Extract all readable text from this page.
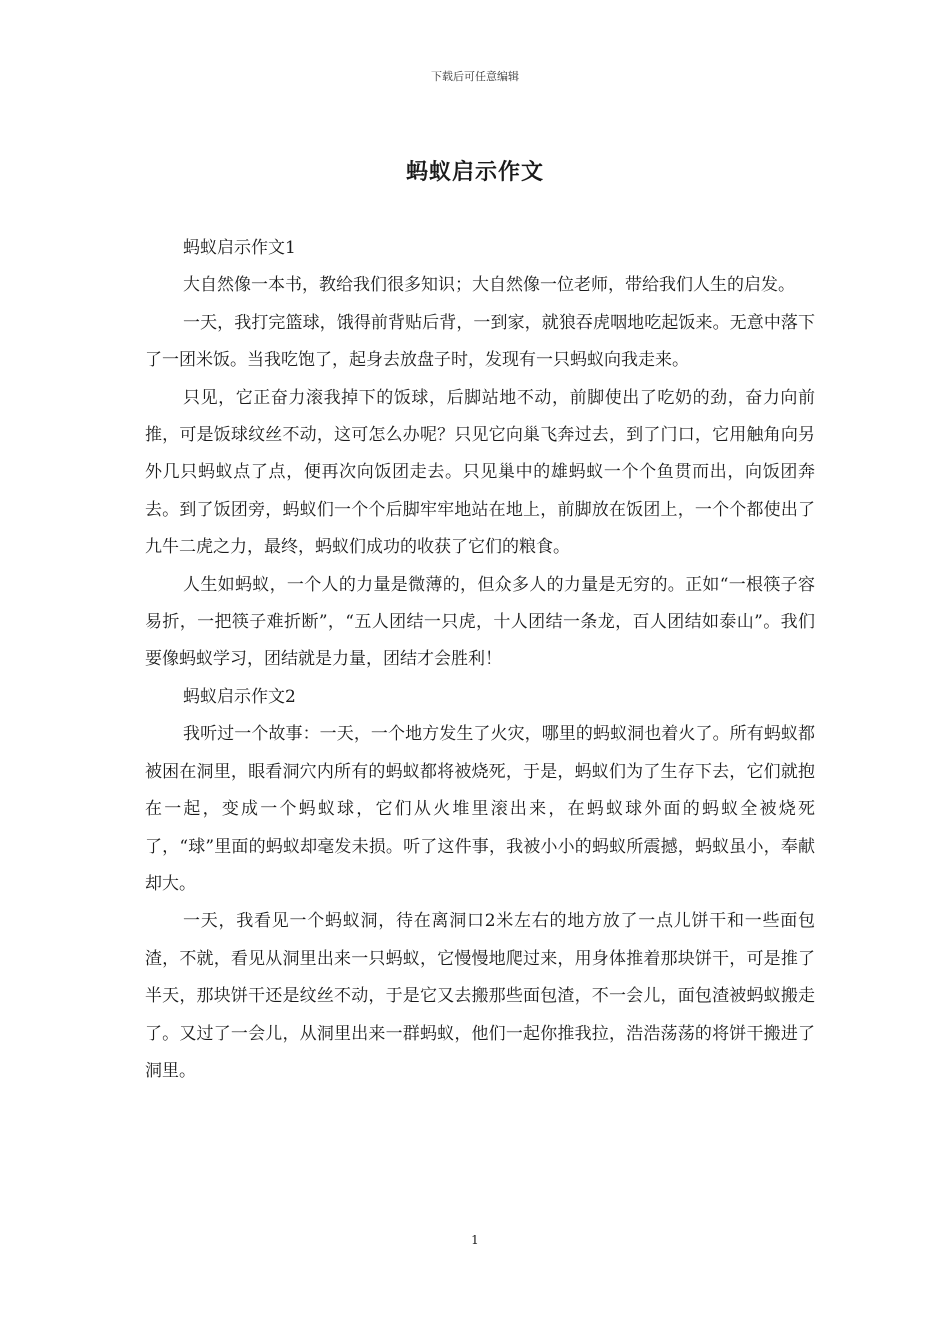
下载后可任意编辑
蚂蚁启示作文

蚂蚁启示作文1

大自然像一本书，教给我们很多知识；大自然像一位老师，带给我们人生的启发。

一天，我打完篮球，饿得前背贴后背，一到家，就狼吞虎咽地吃起饭来。无意中落下了一团米饭。当我吃饱了，起身去放盘子时，发现有一只蚂蚁向我走来。

只见，它正奋力滚我掉下的饭球，后脚站地不动，前脚使出了吃奶的劲，奋力向前推，可是饭球纹丝不动，这可怎么办呢？只见它向巢飞奔过去，到了门口，它用触角向另外几只蚂蚁点了点，便再次向饭团走去。只见巢中的雄蚂蚁一个个鱼贯而出，向饭团奔去。到了饭团旁，蚂蚁们一个个后脚牢牢地站在地上，前脚放在饭团上，一个个都使出了九牛二虎之力，最终，蚂蚁们成功的收获了它们的粮食。

人生如蚂蚁，一个人的力量是微薄的，但众多人的力量是无穷的。正如“一根筷子容易折，一把筷子难折断”，“五人团结一只虎，十人团结一条龙，百人团结如泰山”。我们要像蚂蚁学习，团结就是力量，团结才会胜利！

蚂蚁启示作文2

我听过一个故事：一天，一个地方发生了火灾，哪里的蚂蚁洞也着火了。所有蚂蚁都被困在洞里，眼看洞穴内所有的蚂蚁都将被烧死，于是，蚂蚁们为了生存下去，它们就抱在一起，变成一个蚂蚁球，它们从火堆里滚出来，在蚂蚁球外面的蚂蚁全被烧死了，“球”里面的蚂蚁却毫发未损。听了这件事，我被小小的蚂蚁所震撼，蚂蚁虽小，奉献却大。

一天，我看见一个蚂蚁洞，待在离洞口2米左右的地方放了一点儿饼干和一些面包渣，不就，看见从洞里出来一只蚂蚁，它慢慢地爬过来，用身体推着那块饼干，可是推了半天，那块饼干还是纹丝不动，于是它又去搬那些面包渣，不一会儿，面包渣被蚂蚁搬走了。又过了一会儿，从洞里出来一群蚂蚁，他们一起你推我拉，浩浩荡荡的将饼干搬进了洞里。

1
